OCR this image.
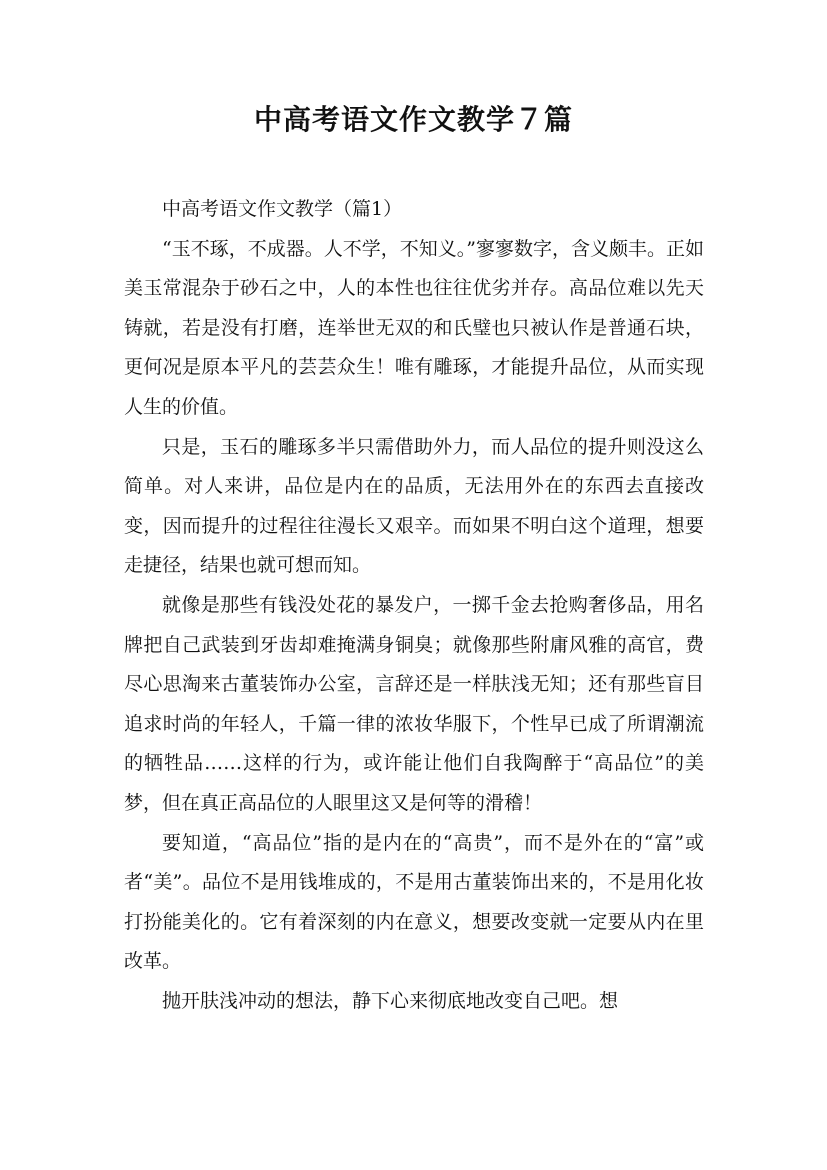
中高考语文作文教学７篇

中高考语文作文教学（篇1）

“玉不琢，不成器。人不学，不知义。”寥寥数字，含义颇丰。正如美玉常混杂于砂石之中，人的本性也往往优劣并存。高品位难以先天铸就，若是没有打磨，连举世无双的和氏璧也只被认作是普通石块，更何况是原本平凡的芸芸众生！唯有雕琢，才能提升品位，从而实现人生的价值。

只是，玉石的雕琢多半只需借助外力，而人品位的提升则没这么简单。对人来讲，品位是内在的品质，无法用外在的东西去直接改变，因而提升的过程往往漫长又艰辛。而如果不明白这个道理，想要走捷径，结果也就可想而知。

就像是那些有钱没处花的暴发户，一掷千金去抢购奢侈品，用名牌把自己武装到牙齿却难掩满身铜臭；就像那些附庸风雅的高官，费尽心思淘来古董装饰办公室，言辞还是一样肤浅无知；还有那些盲目追求时尚的年轻人，千篇一律的浓妆华服下，个性早已成了所谓潮流的牺牲品……这样的行为，或许能让他们自我陶醉于“高品位”的美梦，但在真正高品位的人眼里这又是何等的滑稽！

要知道，“高品位”指的是内在的“高贵”，而不是外在的“富”或者“美”。品位不是用钱堆成的，不是用古董装饰出来的，不是用化妆打扮能美化的。它有着深刻的内在意义，想要改变就一定要从内在里改革。

抛开肤浅冲动的想法，静下心来彻底地改变自己吧。想
